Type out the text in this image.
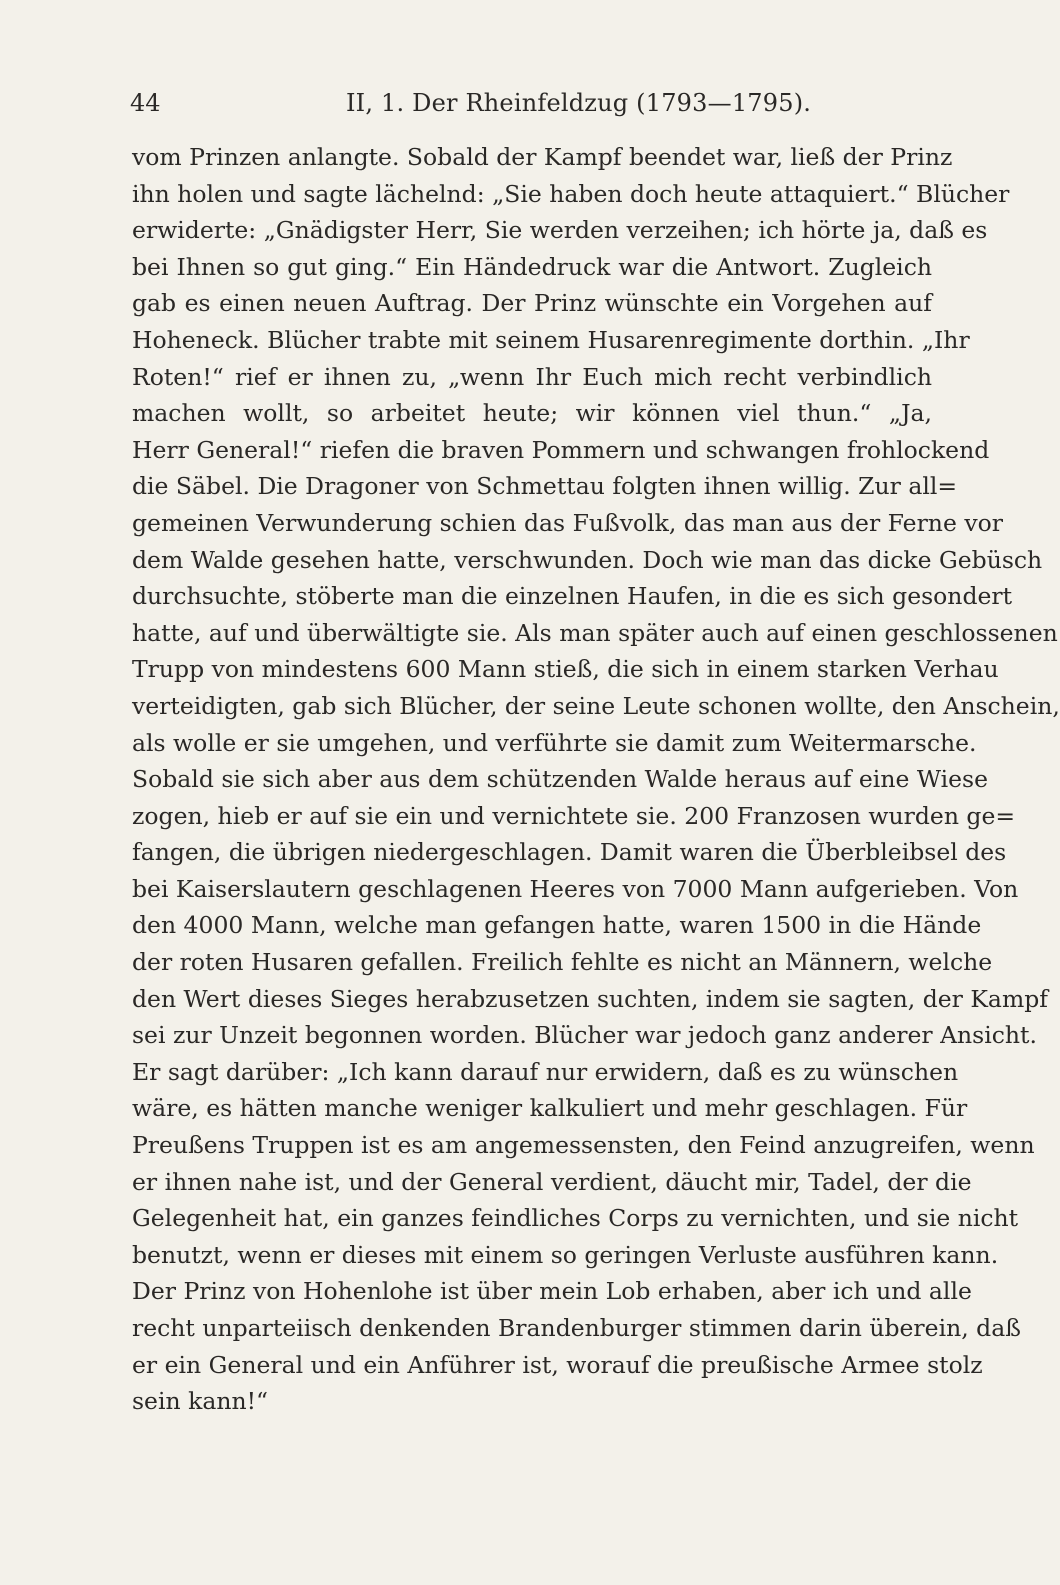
44	II, 1. Der Rheinfeldzug (1793—1795).
vom Prinzen anlangte. Sobald der Kampf beendet war, ließ der Prinz
ihn holen und sagte lächelnd: „Sie haben doch heute attaquiert.“ Blücher
erwiderte: „Gnädigster Herr, Sie werden verzeihen; ich hörte ja, daß es
bei Ihnen so gut ging.“ Ein Händedruck war die Antwort. Zugleich
gab es einen neuen Auftrag. Der Prinz wünschte ein Vorgehen auf
Hoheneck. Blücher trabte mit seinem Husarenregimente dorthin. „Ihr
Roten!“ rief er ihnen zu, „wenn Ihr Euch mich recht verbindlich
machen wollt, so arbeitet heute; wir können viel thun.“ „Ja,
Herr General!“ riefen die braven Pommern und schwangen frohlockend
die Säbel. Die Dragoner von Schmettau folgten ihnen willig. Zur all=
gemeinen Verwunderung schien das Fußvolk, das man aus der Ferne vor
dem Walde gesehen hatte, verschwunden. Doch wie man das dicke Gebüsch
durchsuchte, stöberte man die einzelnen Haufen, in die es sich gesondert
hatte, auf und überwältigte sie. Als man später auch auf einen geschlossenen
Trupp von mindestens 600 Mann stieß, die sich in einem starken Verhau
verteidigten, gab sich Blücher, der seine Leute schonen wollte, den Anschein,
als wolle er sie umgehen, und verführte sie damit zum Weitermarsche.
Sobald sie sich aber aus dem schützenden Walde heraus auf eine Wiese
zogen, hieb er auf sie ein und vernichtete sie. 200 Franzosen wurden ge=
fangen, die übrigen niedergeschlagen. Damit waren die Überbleibsel des
bei Kaiserslautern geschlagenen Heeres von 7000 Mann aufgerieben. Von
den 4000 Mann, welche man gefangen hatte, waren 1500 in die Hände
der roten Husaren gefallen. Freilich fehlte es nicht an Männern, welche
den Wert dieses Sieges herabzusetzen suchten, indem sie sagten, der Kampf
sei zur Unzeit begonnen worden. Blücher war jedoch ganz anderer Ansicht.
Er sagt darüber: „Ich kann darauf nur erwidern, daß es zu wünschen
wäre, es hätten manche weniger kalkuliert und mehr geschlagen. Für
Preußens Truppen ist es am angemessensten, den Feind anzugreifen, wenn
er ihnen nahe ist, und der General verdient, däucht mir, Tadel, der die
Gelegenheit hat, ein ganzes feindliches Corps zu vernichten, und sie nicht
benutzt, wenn er dieses mit einem so geringen Verluste ausführen kann.
Der Prinz von Hohenlohe ist über mein Lob erhaben, aber ich und alle
recht unparteiisch denkenden Brandenburger stimmen darin überein, daß
er ein General und ein Anführer ist, worauf die preußische Armee stolz
sein kann!“
